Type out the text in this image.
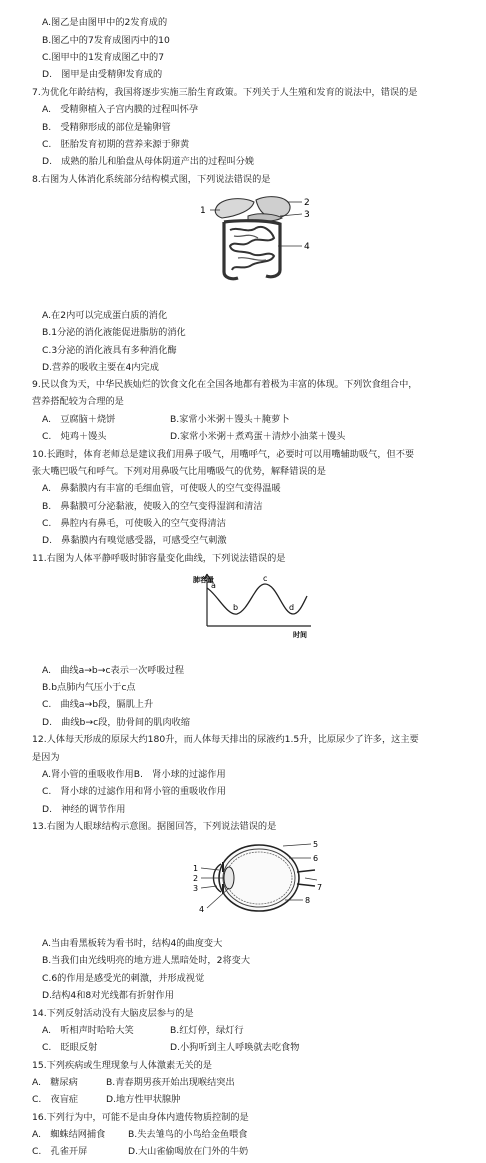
A.图乙是由图甲中的2发育成的
B.图乙中的7发育成图丙中的10
C.图甲中的1发育成图乙中的7
D.　图甲是由受精卵发育成的
7.为优化年龄结构，我国将逐步实施三胎生育政策。下列关于人生殖和发育的说法中，错误的是
A.　受精卵植入子宫内膜的过程叫怀孕
B.　受精卵形成的部位是输卵管
C.　胚胎发育初期的营养来源于卵黄
D.　成熟的胎儿和胎盘从母体阴道产出的过程叫分娩
8.右图为人体消化系统部分结构模式图，下列说法错误的是
1
2
3
4
A.在2内可以完成蛋白质的消化
B.1分泌的消化液能促进脂肪的消化
C.3分泌的消化液具有多种消化酶
D.营养的吸收主要在4内完成
9.民以食为天，中华民族灿烂的饮食文化在全国各地都有着极为丰富的体现。下列饮食组合中，
营养搭配较为合理的是
A.　豆腐脑＋烧饼	B.家常小米粥＋馒头＋腌萝卜
C.　炖鸡＋馒头	D.家常小米粥＋煮鸡蛋＋清炒小油菜＋馒头
10.长跑时，体育老师总是建议我们用鼻子吸气，用嘴呼气，必要时可以用嘴辅助吸气，但不要
张大嘴巴吸气和呼气。下列对用鼻吸气比用嘴吸气的优势，解释错误的是
A.　鼻黏膜内有丰富的毛细血管，可使吸人的空气变得温暖
B.　鼻黏膜可分泌黏液，使吸入的空气变得湿润和清洁
C.　鼻腔内有鼻毛，可使吸入的空气变得清洁
D.　鼻黏膜内有嗅觉感受器，可感受空气刺激
11.右图为人体平静呼吸时肺容量变化曲线，下列说法错误的是
肺容量
时间
a
b
c
d
A.　曲线a→b→c表示一次呼吸过程
B.b点肺内气压小于c点
C.　曲线a→b段，膈肌上升
D.　曲线b→c段，肋骨间的肌肉收缩
12.人体每天形成的原尿大约180升，而人体每天排出的尿液约1.5升，比原尿少了许多，这主要
是因为
A.肾小管的重吸收作用B.　肾小球的过滤作用
C.　肾小球的过滤作用和肾小管的重吸收作用
D.　神经的调节作用
13.右图为人眼球结构示意图。据图回答，下列说法错误的是
1
2
3
4
5
6
7
8
A.当由看黑板转为看书时，结构4的曲度变大
B.当我们由光线明亮的地方进人黑暗处时，2将变大
C.6的作用是感受光的刺激，并形成视觉
D.结构4和8对光线都有折射作用
14.下列反射活动没有大脑皮层参与的是
A.　听相声时哈哈大笑	B.红灯停，绿灯行
C.　眨眼反射	D.小狗听到主人呼唤就去吃食物
15.下列疾病或生理现象与人体激素无关的是
A.　糖尿病	B.青春期男孩开始出现喉结突出
C.　夜盲症	D.地方性甲状腺肿
16.下列行为中，可能不是由身体内遗传物质控制的是
A.　蜘蛛结网捕食 B.失去雏鸟的小鸟给金鱼喂食
C.　孔雀开屏	D.大山雀偷喝放在门外的牛奶
